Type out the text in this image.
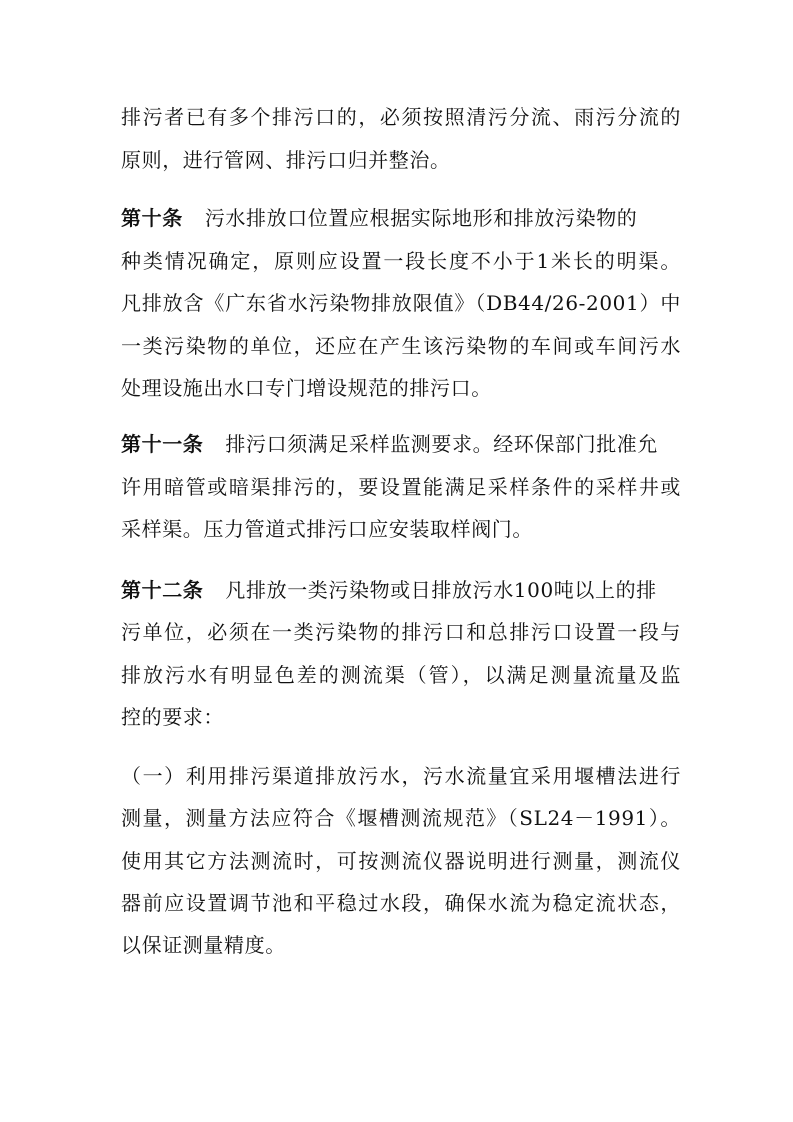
排污者已有多个排污口的，必须按照清污分流、雨污分流的
原则，进行管网、排污口归并整治。
第十条 污水排放口位置应根据实际地形和排放污染物的
种类情况确定，原则应设置一段长度不小于1米长的明渠。
凡排放含《广东省水污染物排放限值》（DB44/26-2001）中
一类污染物的单位，还应在产生该污染物的车间或车间污水
处理设施出水口专门增设规范的排污口。
第十一条 排污口须满足采样监测要求。经环保部门批准允
许用暗管或暗渠排污的，要设置能满足采样条件的采样井或
采样渠。压力管道式排污口应安装取样阀门。
第十二条 凡排放一类污染物或日排放污水100吨以上的排
污单位，必须在一类污染物的排污口和总排污口设置一段与
排放污水有明显色差的测流渠（管），以满足测量流量及监
控的要求：
（一）利用排污渠道排放污水，污水流量宜采用堰槽法进行
测量，测量方法应符合《堰槽测流规范》（SL24－1991）。
使用其它方法测流时，可按测流仪器说明进行测量，测流仪
器前应设置调节池和平稳过水段，确保水流为稳定流状态，
以保证测量精度。
